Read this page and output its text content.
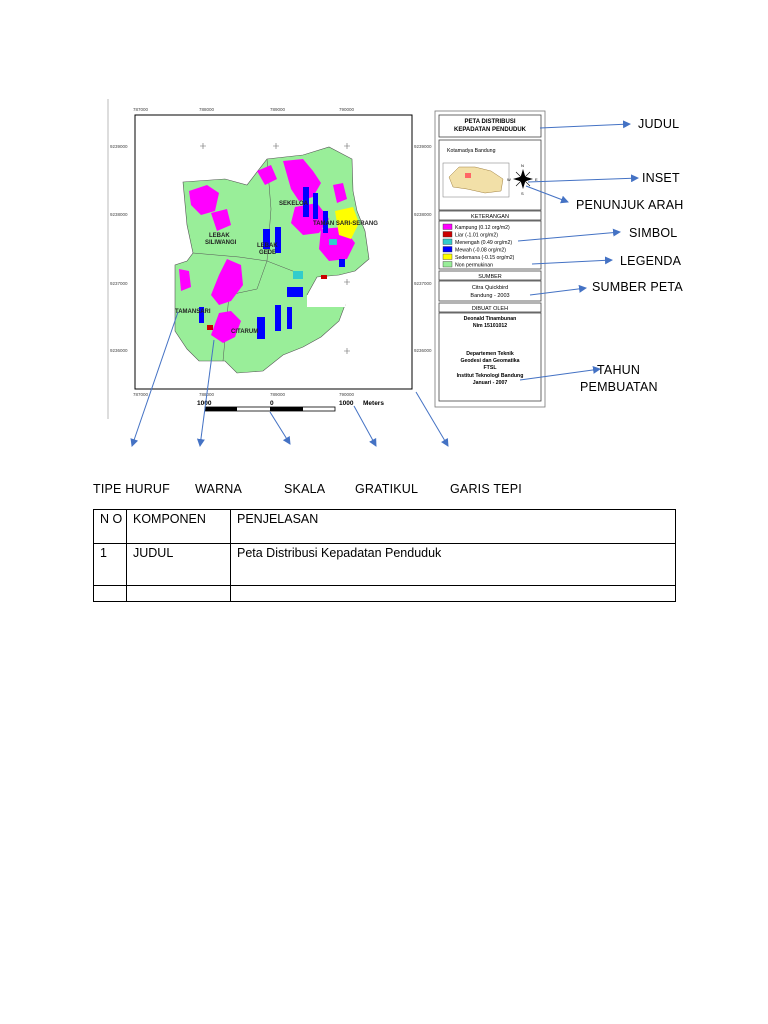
787000	788000	789000	790000
787000	788000	789000	790000
9239000
9238000
9237000
9236000
9239000
9238000
9237000
9236000
SEKELOA
LEBAK SILIWANGI	LEBAK GEDE
TAMANSARI
CITARUM
TAMAN SARI-SERANG
1000	0	1000 Meters
PETA DISTRIBUSI
KEPADATAN PENDUDUK
Kotamadya Bandung
N
W	E
S
KETERANGAN
Kampung (0.12 org/m2)
Liar (-1.01 org/m2)
Menengah (0.49 org/m2)
Mewah (-0.08 org/m2)
Sedemana (-0.15 org/m2)
Non permukinan
SUMBER
Citra Quickbird
Bandung - 2003
DIBUAT OLEH
Deonald Tinambunan
Nim 15101012
Departemen Teknik
Geodesi dan Geomatika
FTSL
Institut Teknologi Bandung
Januari - 2007
JUDUL
INSET
PENUNJUK ARAH
SIMBOL
LEGENDA
SUMBER PETA
TAHUN
PEMBUATAN
TIPE HURUF WARNA	SKALA GRATIKUL	GARIS TEPI
N O	KOMPONEN	PENJELASAN
1	JUDUL	Peta Distribusi Kepadatan Penduduk
